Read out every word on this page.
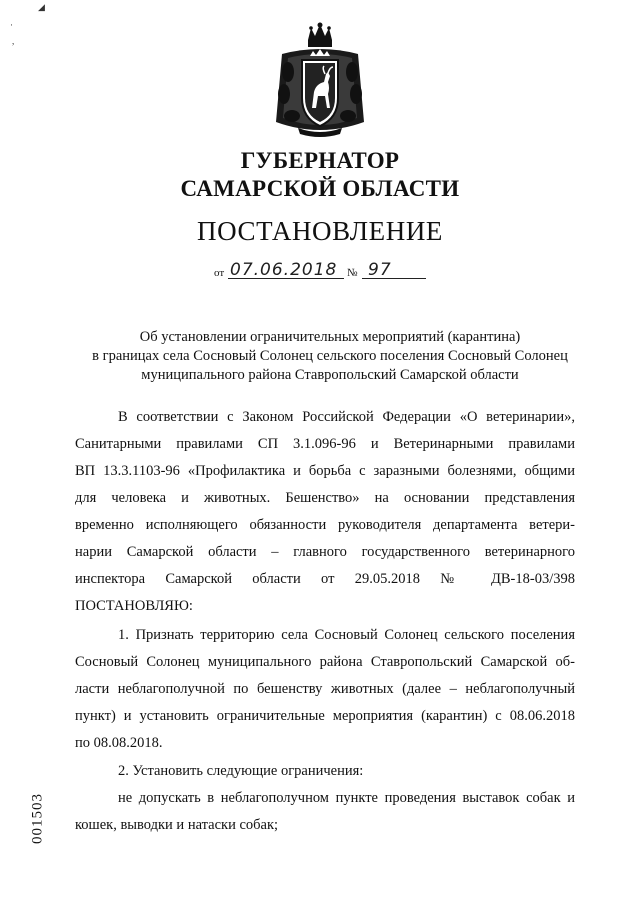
◢
·
,
ГУБЕРНАТОР
САМАРСКОЙ ОБЛАСТИ
ПОСТАНОВЛЕНИЕ
от 07.06.2018 № 97
Об установлении ограничительных мероприятий (карантина)
в границах села Сосновый Солонец сельского поселения Сосновый Солонец
муниципального района Ставропольский Самарской области
В соответствии с Законом Российской Федерации «О ветеринарии»,
Санитарными правилами СП 3.1.096-96 и Ветеринарными правилами
ВП 13.3.1103-96 «Профилактика и борьба с заразными болезнями, общими
для человека и животных. Бешенство» на основании представления
временно исполняющего обязанности руководителя департамента ветери-
нарии Самарской области – главного государственного ветеринарного
инспектора Самарской области от 29.05.2018 № ДВ-18-03/398
ПОСТАНОВЛЯЮ:
1. Признать территорию села Сосновый Солонец сельского поселения
Сосновый Солонец муниципального района Ставропольский Самарской об-
ласти неблагополучной по бешенству животных (далее – неблагополучный
пункт) и установить ограничительные мероприятия (карантин) с 08.06.2018
по 08.08.2018.
2. Установить следующие ограничения:
не допускать в неблагополучном пункте проведения выставок собак и
кошек, выводки и натаски собак;
001503
